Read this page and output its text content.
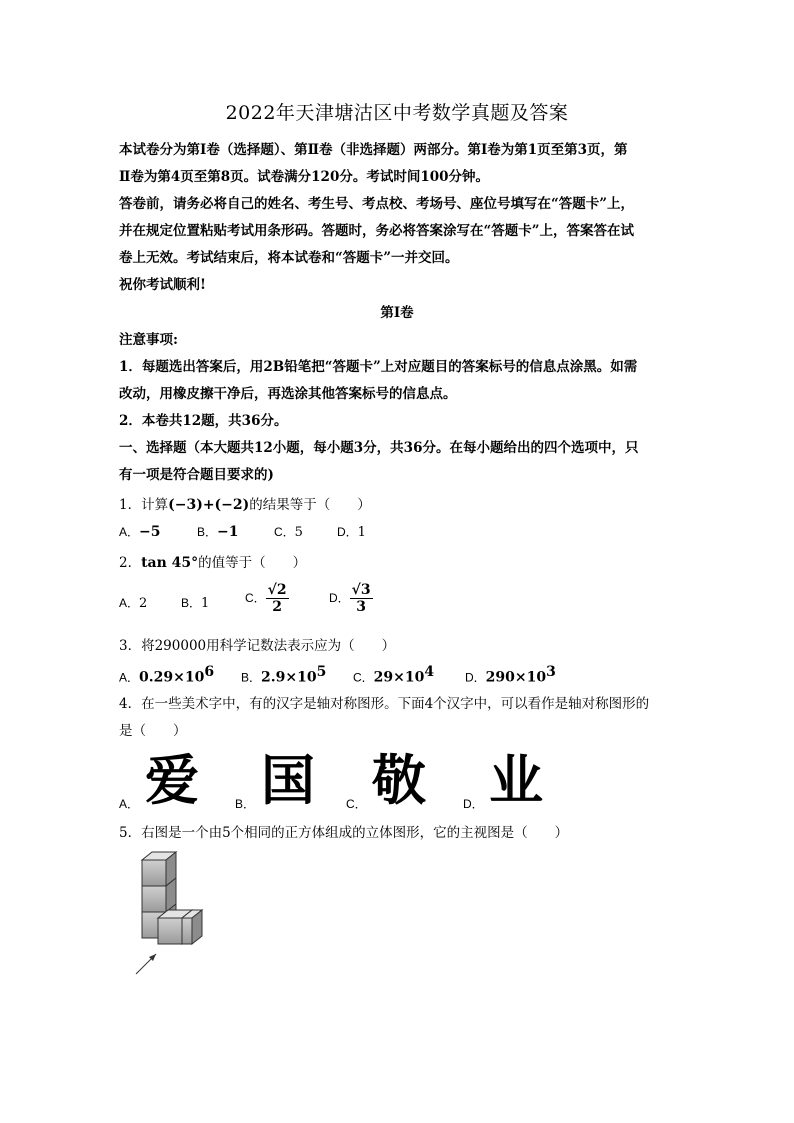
2022年天津塘沽区中考数学真题及答案
本试卷分为第Ⅰ卷（选择题）、第Ⅱ卷（非选择题）两部分。第Ⅰ卷为第1页至第3页，第
Ⅱ卷为第4页至第8页。试卷满分120分。考试时间100分钟。
答卷前，请务必将自己的姓名、考生号、考点校、考场号、座位号填写在“答题卡”上，
并在规定位置粘贴考试用条形码。答题时，务必将答案涂写在“答题卡”上，答案答在试
卷上无效。考试结束后，将本试卷和“答题卡”一并交回。
祝你考试顺利!
第Ⅰ卷
注意事项:
1．每题选出答案后，用2B铅笔把“答题卡”上对应题目的答案标号的信息点涂黑。如需
改动，用橡皮擦干净后，再选涂其他答案标号的信息点。
2．本卷共12题，共36分。
一、选择题（本大题共12小题，每小题3分，共36分。在每小题给出的四个选项中，只
有一项是符合题目要求的)
1．计算(−3)+(−2)的结果等于（　　）
A．−5	B．−1	C．5	D．1
2．tan 45°的值等于（　　）
A．2	B．1	C． $\frac{√2}{2}$	D． $\frac{√3}{3}$
3．将290000用科学记数法表示应为（　　）
A．$0.29\times 10^6$ B．$2.9\times 10^5$ C．$29\times 10^4$	D．$290\times 10^3$
4．在一些美术字中，有的汉字是轴对称图形。下面4个汉字中，可以看作是轴对称图形的
是（　　）
A． 爱	B． 国	C． 敬	D． 业
5．右图是一个由5个相同的正方体组成的立体图形，它的主视图是（　　）
